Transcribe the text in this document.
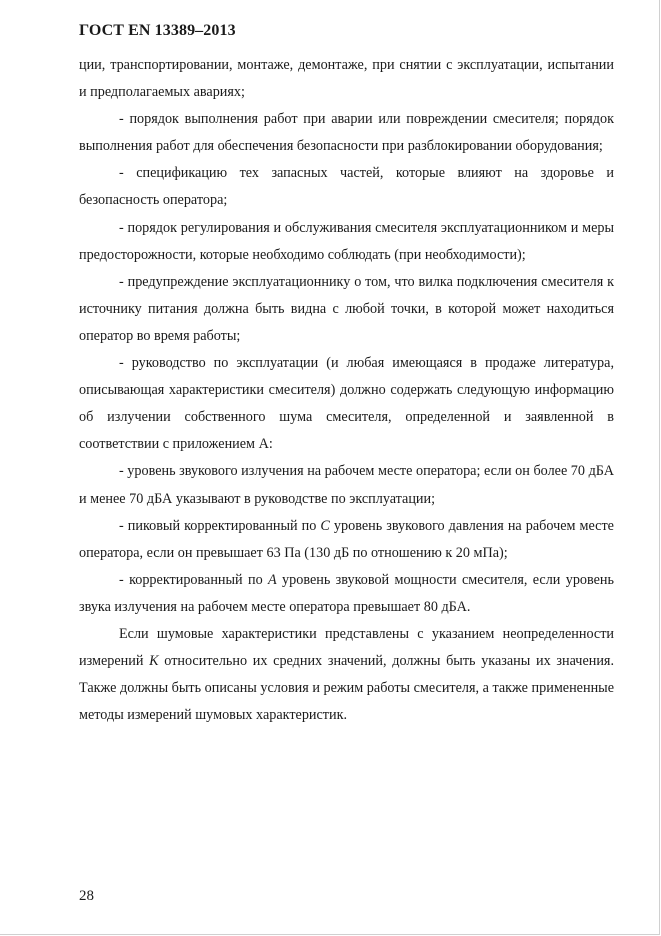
ГОСТ EN 13389–2013

ции, транспортировании, монтаже, демонтаже, при снятии с эксплуатации, испытании и предполагаемых авариях;

- порядок выполнения работ при аварии или повреждении смесителя; порядок выполнения работ для обеспечения безопасности при разблокировании оборудования;

- спецификацию тех запасных частей, которые влияют на здоровье и безопасность оператора;

- порядок регулирования и обслуживания смесителя эксплуатационником и меры предосторожности, которые необходимо соблюдать (при необходимости);

- предупреждение эксплуатационнику о том, что вилка подключения смесителя к источнику питания должна быть видна с любой точки, в которой может находиться оператор во время работы;

- руководство по эксплуатации (и любая имеющаяся в продаже литература, описывающая характеристики смесителя) должно содержать следующую информацию об излучении собственного шума смесителя, определенной и заявленной в соответствии с приложением А:

- уровень звукового излучения на рабочем месте оператора; если он более 70 дБА и менее 70 дБА указывают в руководстве по эксплуатации;

- пиковый корректированный по С уровень звукового давления на рабочем месте оператора, если он превышает 63 Па (130 дБ по отношению к 20 мПа);

- корректированный по А уровень звуковой мощности смесителя, если уровень звука излучения на рабочем месте оператора превышает 80 дБА.

Если шумовые характеристики представлены с указанием неопределенности измерений К относительно их средних значений, должны быть указаны их значения. Также должны быть описаны условия и режим работы смесителя, а также примененные методы измерений шумовых характеристик.

28
